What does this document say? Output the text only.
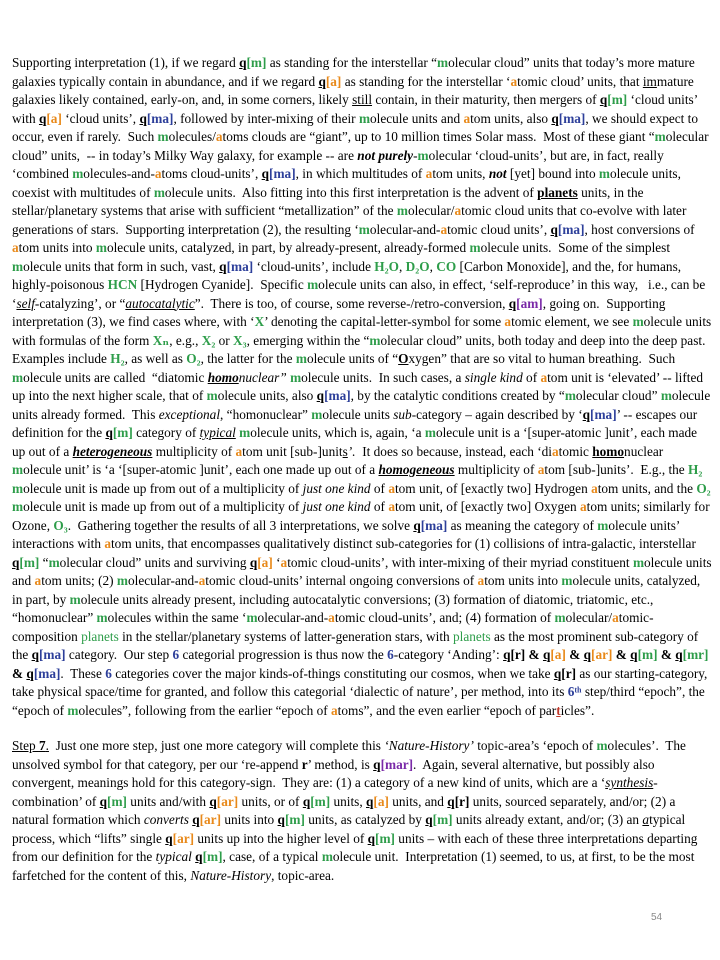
Supporting interpretation (1), if we regard q[m] as standing for the interstellar “molecular cloud” units that today’s more mature galaxies typically contain in abundance, and if we regard q[a] as standing for the interstellar ‘atomic cloud’ units, that immature galaxies likely contained, early-on, and, in some corners, likely still contain, in their maturity, then mergers of q[m] ‘cloud units’ with q[a] ‘cloud units’, q[ma], followed by inter-mixing of their molecule units and atom units, also q[ma], we should expect to occur, even if rarely.  Such molecules/atoms clouds are “giant”, up to 10 million times Solar mass.  Most of these giant “molecular cloud” units,  -- in today’s Milky Way galaxy, for example -- are not purely-molecular ‘cloud-units’, but are, in fact, really ‘combined molecules-and-atoms cloud-units’, q[ma], in which multitudes of atom units, not [yet] bound into molecule units, coexist with multitudes of molecule units.  Also fitting into this first interpretation is the advent of planets units, in the stellar/planetary systems that arise with sufficient “metallization” of the molecular/atomic cloud units that co-evolve with later generations of stars.  Supporting interpretation (2), the resulting ‘molecular-and-atomic cloud units’, q[ma], host conversions of atom units into molecule units, catalyzed, in part, by already-present, already-formed molecule units.  Some of the simplest molecule units that form in such, vast, q[ma] ‘cloud-units’, include H₂O, D₂O, CO [Carbon Monoxide], and the, for humans, highly-poisonous HCN [Hydrogen Cyanide].  Specific molecule units can also, in effect, ‘self-reproduce’ in this way,   i.e., can be ‘self-catalyzing’, or “autocatalytic”.  There is too, of course, some reverse-/retro-conversion, q[am], going on.  Supporting interpretation (3), we find cases where, with ‘X’ denoting the capital-letter-symbol for some atomic element, we see molecule units with formulas of the form Xₙ, e.g., X₂ or X₃, emerging within the “molecular cloud” units, both today and deep into the deep past.  Examples include H₂, as well as O₂, the latter for the molecule units of “Oxygen” that are so vital to human breathing.  Such molecule units are called  “diatomic homonuclear” molecule units.  In such cases, a single kind of atom unit is ‘elevated’ -- lifted up into the next higher scale, that of molecule units, also q[ma], by the catalytic conditions created by “molecular cloud” molecule units already formed.  This exceptional, “homonuclear” molecule units sub-category – again described by ‘q[ma]’ -- escapes our definition for the q[m] category of typical molecule units, which is, again, ‘a molecule unit is a ‘[super-atomic ]unit’, each made up out of a heterogeneous multiplicity of atom unit [sub-]units’.  It does so because, instead, each ‘diatomic homonuclear molecule unit’ is ‘a ‘[super-atomic ]unit’, each one made up out of a homogeneous multiplicity of atom [sub-]units’.  E.g., the H₂ molecule unit is made up from out of a multiplicity of just one kind of atom unit, of [exactly two] Hydrogen atom units, and the O₂ molecule unit is made up from out of a multiplicity of just one kind of atom unit, of [exactly two] Oxygen atom units; similarly for Ozone, O₃.  Gathering together the results of all 3 interpretations, we solve q[ma] as meaning the category of molecule units’ interactions with atom units, that encompasses qualitatively distinct sub-categories for (1) collisions of intra-galactic, interstellar q[m] “molecular cloud” units and surviving q[a] ‘atomic cloud-units’, with inter-mixing of their myriad constituent molecule units and atom units; (2) molecular-and-atomic cloud-units’ internal ongoing conversions of atom units into molecule units, catalyzed, in part, by molecule units already present, including autocatalytic conversions; (3) formation of diatomic, triatomic, etc., “homonuclear” molecules within the same ‘molecular-and-atomic cloud-units’, and; (4) formation of molecular/atomic-composition planets in the stellar/planetary systems of latter-generation stars, with planets as the most prominent sub-category of the q[ma] category.  Our step 6 categorial progression is thus now the 6-category ‘Anding’: q[r] & q[a] & q[ar] & q[m] & q[mr] & q[ma].  These 6 categories cover the major kinds-of-things constituting our cosmos, when we take q[r] as our starting-category, take physical space/time for granted, and follow this categorial ‘dialectic of nature’, per method, into its 6ᵗʰ step/third “epoch”, the “epoch of molecules”, following from the earlier “epoch of atoms”, and the even earlier “epoch of particles”.

Step 7.  Just one more step, just one more category will complete this ‘Nature-History’ topic-area’s ‘epoch of molecules’.  The unsolved symbol for that category, per our ‘re-append r’ method, is q[mar].  Again, several alternative, but possibly also convergent, meanings hold for this category-sign.  They are: (1) a category of a new kind of units, which are a ‘synthesis-combination’ of q[m] units and/with q[ar] units, or of q[m] units, q[a] units, and q[r] units, sourced separately, and/or; (2) a natural formation which converts q[ar] units into q[m] units, as catalyzed by q[m] units already extant, and/or; (3) an atypical process, which “lifts” single q[ar] units up into the higher level of q[m] units – with each of these three interpretations departing from our definition for the typical q[m], case, of a typical molecule unit.  Interpretation (1) seemed, to us, at first, to be the most farfetched for the content of this, Nature-History, topic-area.

54
